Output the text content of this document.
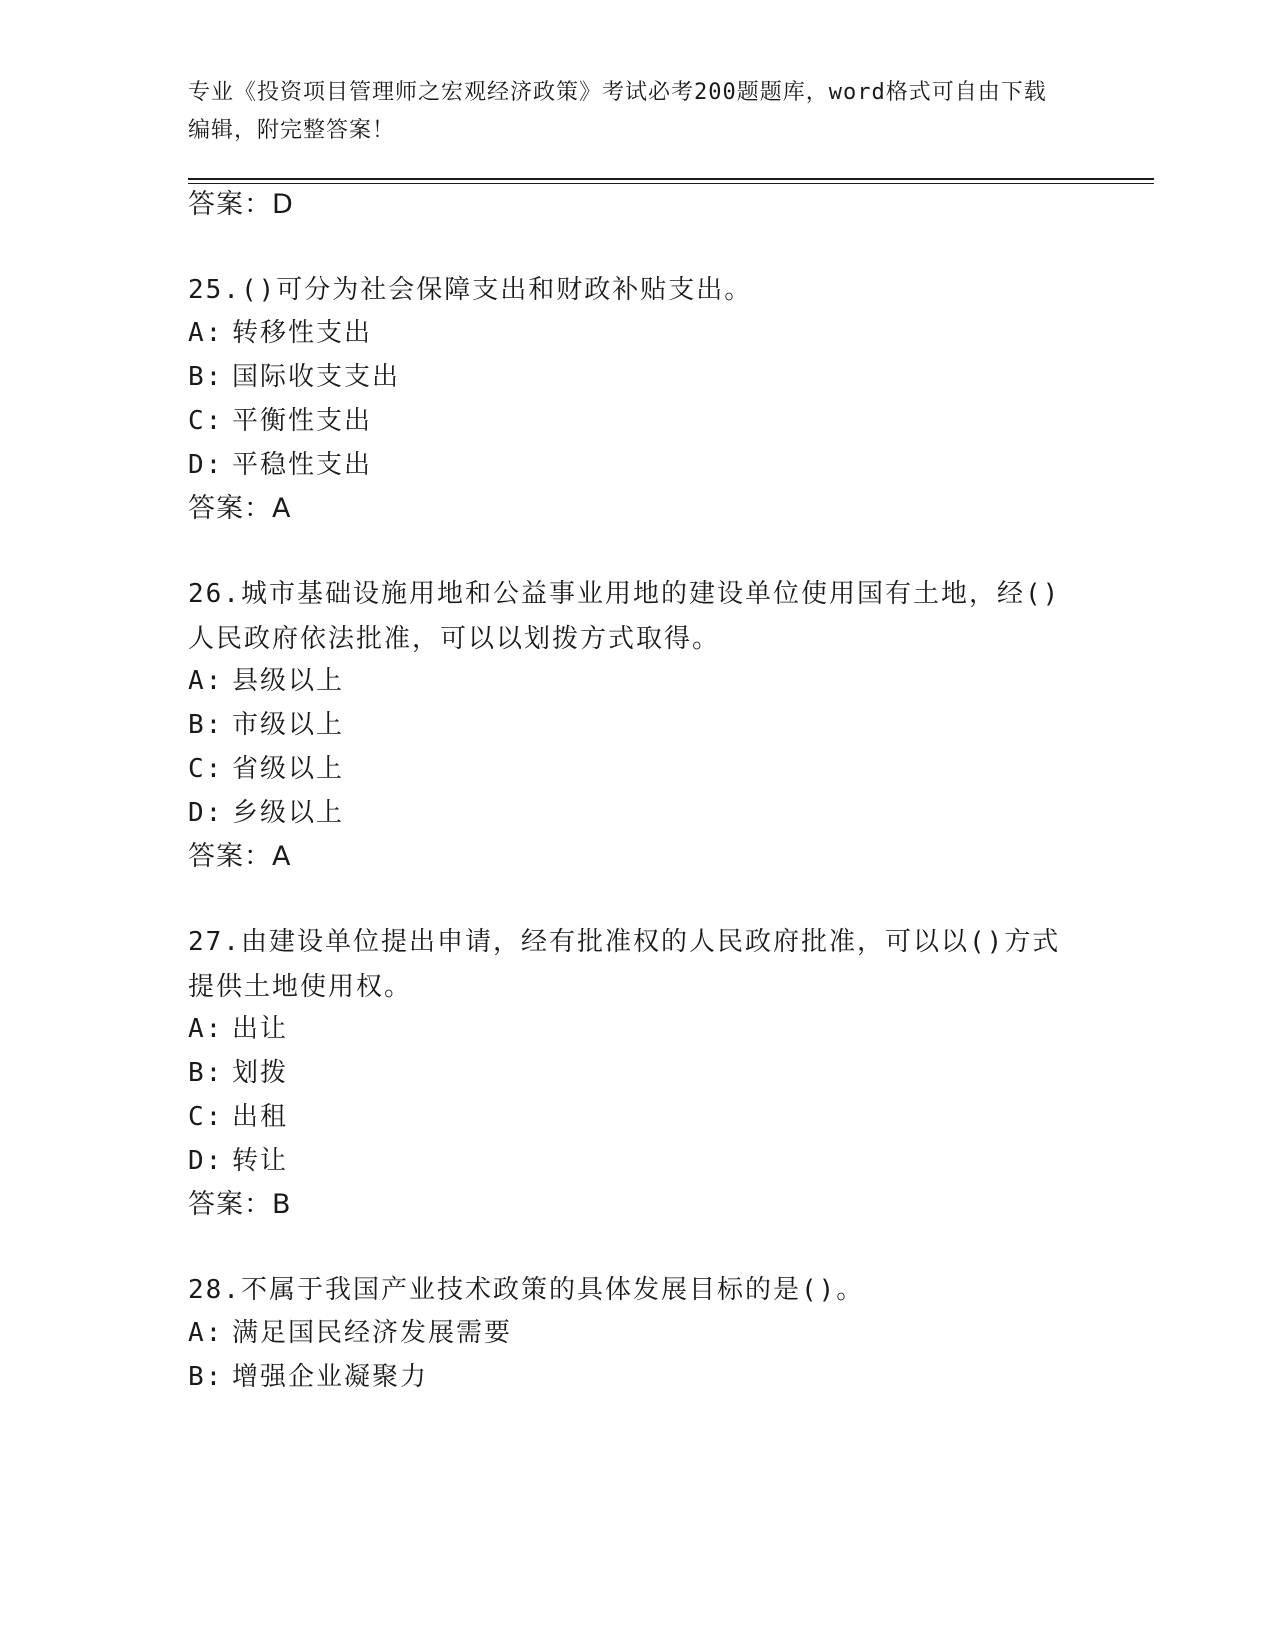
专业《投资项目管理师之宏观经济政策》考试必考200题题库，word格式可自由下载编辑，附完整答案！
答案：D
25.()可分为社会保障支出和财政补贴支出。
A: 转移性支出
B: 国际收支支出
C: 平衡性支出
D: 平稳性支出
答案：A
26.城市基础设施用地和公益事业用地的建设单位使用国有土地，经()人民政府依法批准，可以以划拨方式取得。
A: 县级以上
B: 市级以上
C: 省级以上
D: 乡级以上
答案：A
27.由建设单位提出申请，经有批准权的人民政府批准，可以以()方式提供土地使用权。
A: 出让
B: 划拨
C: 出租
D: 转让
答案：B
28.不属于我国产业技术政策的具体发展目标的是()。
A: 满足国民经济发展需要
B: 增强企业凝聚力
